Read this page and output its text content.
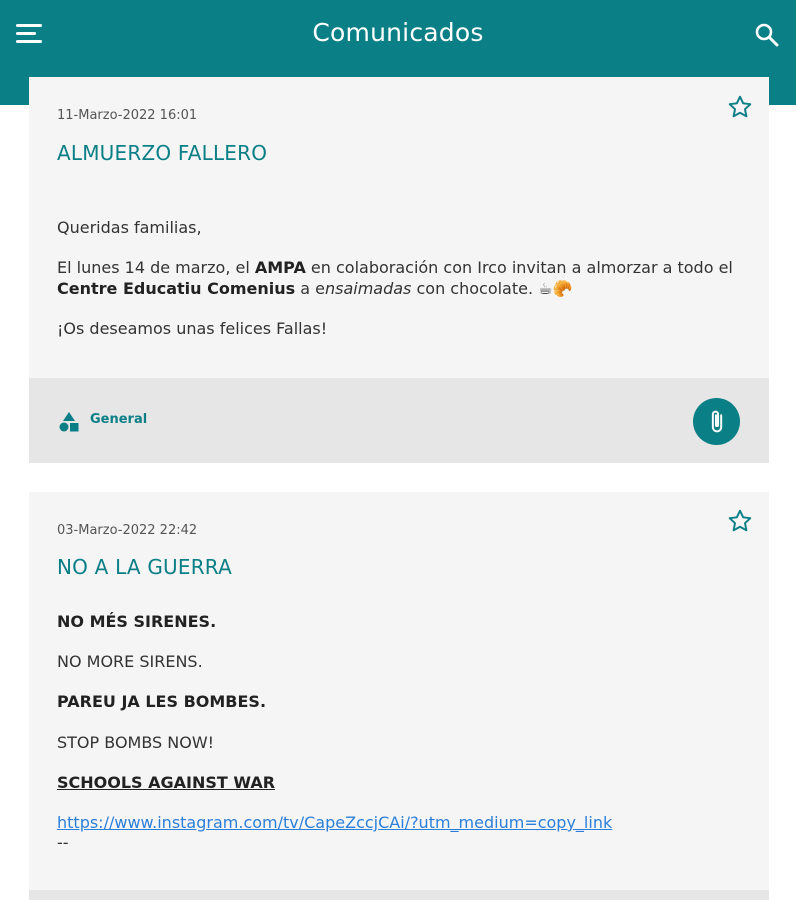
Comunicados
11-Marzo-2022 16:01
ALMUERZO FALLERO
Queridas familias,
El lunes 14 de marzo, el AMPA en colaboración con Irco invitan a almorzar a todo el Centre Educatiu Comenius a ensaimadas con chocolate. ☕🥐
¡Os deseamos unas felices Fallas!
General
03-Marzo-2022 22:42
NO A LA GUERRA
NO MÉS SIRENES.
NO MORE SIRENS.
PAREU JA LES BOMBES.
STOP BOMBS NOW!
SCHOOLS AGAINST WAR
https://www.instagram.com/tv/CapeZccjCAi/?utm_medium=copy_link
--
